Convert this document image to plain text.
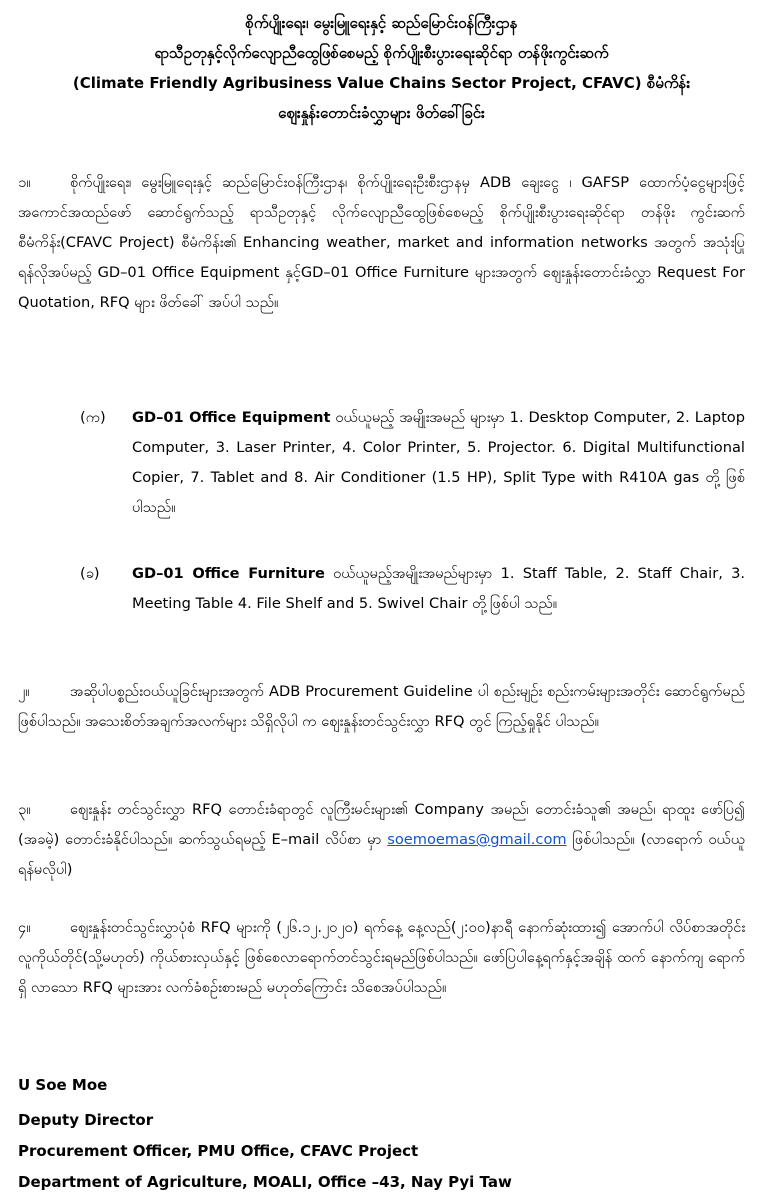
စိုက်ပျိုးရေး၊ မွေးမြူရေးနှင့် ဆည်မြောင်းဝန်ကြီးဌာန
ရာသီဥတုနှင့်လိုက်လျောညီထွေဖြစ်စေမည့် စိုက်ပျိုးစီးပွားရေးဆိုင်ရာ တန်ဖိုးကွင်းဆက်
(Climate Friendly Agribusiness Value Chains Sector Project, CFAVC) စီမံကိန်း
ဈေးနှုန်းတောင်းခံလွှာများ ဖိတ်ခေါ်ခြင်း
၁။	စိုက်ပျိုးရေး၊ မွေးမြူရေးနှင့် ဆည်မြောင်းဝန်ကြီးဌာန၊ စိုက်ပျိုးရေးဦးစီးဌာနမှ ADB ချေးငွေ ၊ GAFSP ထောက်ပံ့ငွေများဖြင့် အကောင်အထည်ဖော် ဆောင်ရွက်သည့် ရာသီဥတုနှင့် လိုက်လျောညီထွေဖြစ်စေမည့် စိုက်ပျိုးစီးပွားရေးဆိုင်ရာ တန်ဖိုး ကွင်းဆက်စီမံကိန်း(CFAVC Project) စီမံကိန်း၏ Enhancing weather, market and information networks အတွက် အသုံးပြုရန်လိုအပ်မည့် GD–01 Office Equipment နှင့်GD–01 Office Furniture များအတွက် ဈေးနှုန်းတောင်းခံလွှာ Request For Quotation, RFQ များ ဖိတ်ခေါ် အပ်ပါ သည်။
(က)	GD–01 Office Equipment ဝယ်ယူမည့် အမျိုးအမည် များမှာ 1. Desktop Computer, 2. Laptop Computer, 3. Laser Printer, 4. Color Printer, 5. Projector. 6. Digital Multifunctional Copier, 7. Tablet and 8. Air Conditioner (1.5 HP), Split Type with R410A gas တို့ ဖြစ်ပါသည်။
(ခ)	GD–01 Office Furniture ဝယ်ယူမည့်အမျိုးအမည်များမှာ 1. Staff Table, 2. Staff Chair, 3. Meeting Table 4. File Shelf and 5. Swivel Chair တို့ဖြစ်ပါ သည်။
၂။	အဆိုပါပစ္စည်းဝယ်ယူခြင်းများအတွက် ADB Procurement Guideline ပါ စည်းမျဉ်း စည်းကမ်းများအတိုင်း ဆောင်ရွက်မည်ဖြစ်ပါသည်။ အသေးစိတ်အချက်အလက်များ သိရှိလိုပါ က ဈေးနှုန်းတင်သွင်းလွှာ RFQ တွင် ကြည့်ရှုနိုင် ပါသည်။
၃။	ဈေးနှုန်း တင်သွင်းလွှာ RFQ တောင်းခံရာတွင် လူကြီးမင်းများ၏ Company အမည်၊ တောင်းခံသူ၏ အမည်၊ ရာထူး ဖော်ပြ၍ (အခမဲ့) တောင်းခံနိုင်ပါသည်။ ဆက်သွယ်ရမည့် E–mail လိပ်စာ မှာ soemoemas@gmail.com ဖြစ်ပါသည်။ (လာရောက် ဝယ်ယူရန်မလိုပါ)
၄။	ဈေးနှုန်းတင်သွင်းလွှာပုံစံ RFQ များကို (၂၆.၁၂.၂၀၂၀) ရက်နေ့ နေ့လည်(၂:၀၀)နာရီ နောက်ဆုံးထား၍ အောက်ပါ လိပ်စာအတိုင်း လူကိုယ်တိုင်(သို့မဟုတ်) ကိုယ်စားလှယ်နှင့် ဖြစ်စေလာရောက်တင်သွင်းရမည်ဖြစ်ပါသည်။ ဖော်ပြပါနေ့ရက်နှင့်အချိန် ထက် နောက်ကျ ရောက်ရှိ လာသော RFQ များအား လက်ခံစဉ်းစားမည် မဟုတ်ကြောင်း သိစေအပ်ပါသည်။
U Soe Moe
Deputy Director
Procurement Officer, PMU Office, CFAVC Project
Department of Agriculture, MOALI, Office –43, Nay Pyi Taw
